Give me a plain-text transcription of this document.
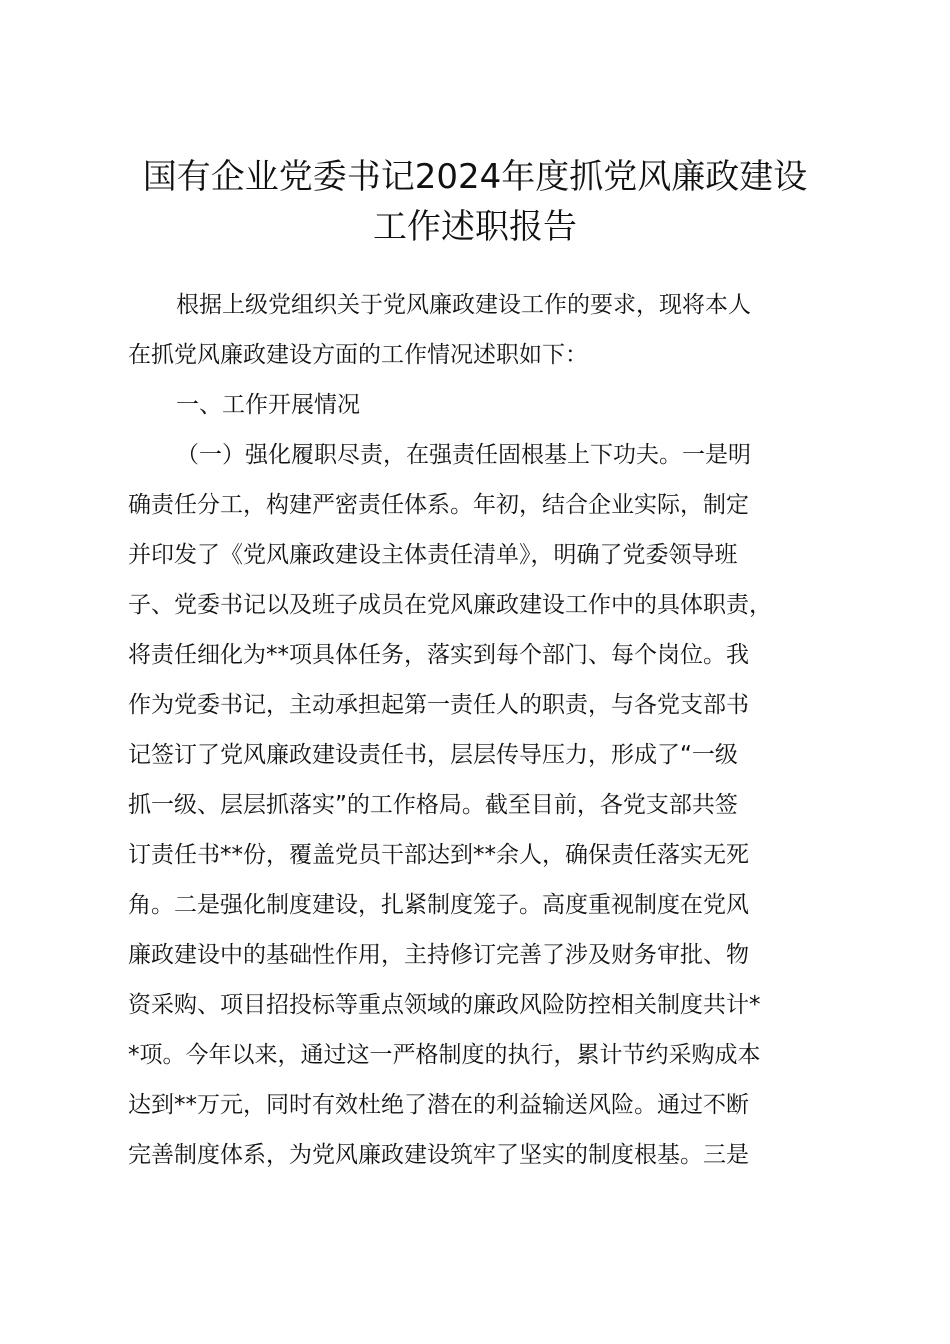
国有企业党委书记2024年度抓党风廉政建设
工作述职报告
根据上级党组织关于党风廉政建设工作的要求，现将本人
在抓党风廉政建设方面的工作情况述职如下：
一、工作开展情况
（一）强化履职尽责，在强责任固根基上下功夫。一是明
确责任分工，构建严密责任体系。年初，结合企业实际，制定
并印发了《党风廉政建设主体责任清单》，明确了党委领导班
子、党委书记以及班子成员在党风廉政建设工作中的具体职责，
将责任细化为**项具体任务，落实到每个部门、每个岗位。我
作为党委书记，主动承担起第一责任人的职责，与各党支部书
记签订了党风廉政建设责任书，层层传导压力，形成了“一级
抓一级、层层抓落实”的工作格局。截至目前，各党支部共签
订责任书**份，覆盖党员干部达到**余人，确保责任落实无死
角。二是强化制度建设，扎紧制度笼子。高度重视制度在党风
廉政建设中的基础性作用，主持修订完善了涉及财务审批、物
资采购、项目招投标等重点领域的廉政风险防控相关制度共计*
*项。今年以来，通过这一严格制度的执行，累计节约采购成本
达到**万元，同时有效杜绝了潜在的利益输送风险。通过不断
完善制度体系，为党风廉政建设筑牢了坚实的制度根基。三是
